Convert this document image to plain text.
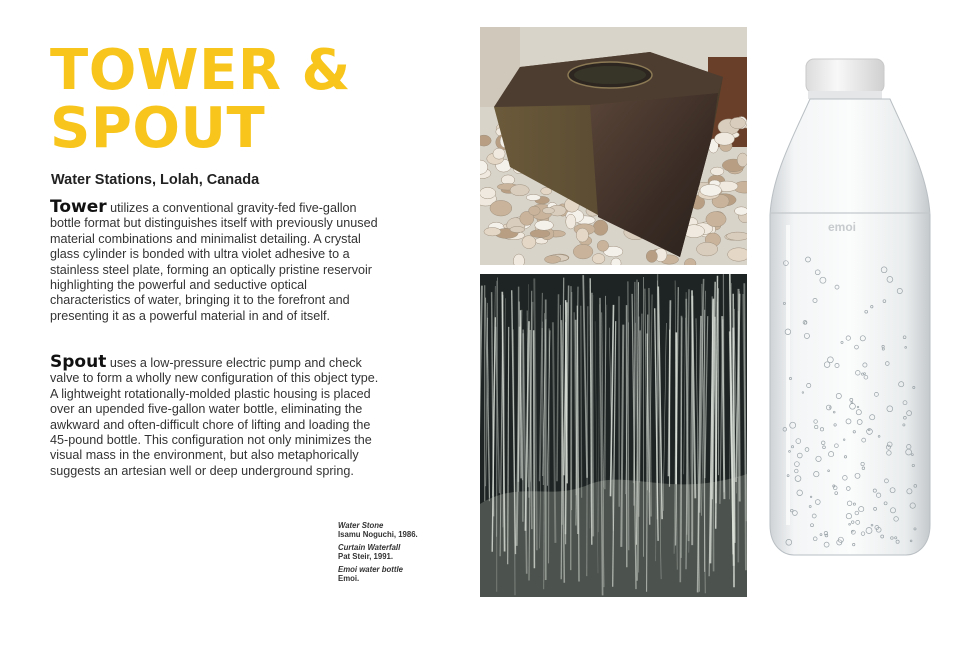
TOWER &
SPOUT
Water Stations, Lolah, Canada

Tower utilizes a conventional gravity-fed five-gallon bottle format but distinguishes itself with previously unused material combinations and minimalist detailing. A crystal glass cylinder is bonded with ultra violet adhesive to a stainless steel plate, forming an optically pristine reservoir highlighting the powerful and seductive optical characteristics of water, bringing it to the forefront and presenting it as a powerful material in and of itself.

Spout uses a low-pressure electric pump and check valve to form a wholly new configuration of this object type. A lightweight rotationally-molded plastic housing is placed over an upended five-gallon water bottle, eliminating the awkward and often-difficult chore of lifting and loading the 45-pound bottle. This configuration not only minimizes the visual mass in the environment, but also metaphorically suggests an artesian well or deep underground spring.

Water Stone
Isamu Noguchi, 1986.
Curtain Waterfall
Pat Steir, 1991.
Emoi water bottle
Emoi.
emoi
